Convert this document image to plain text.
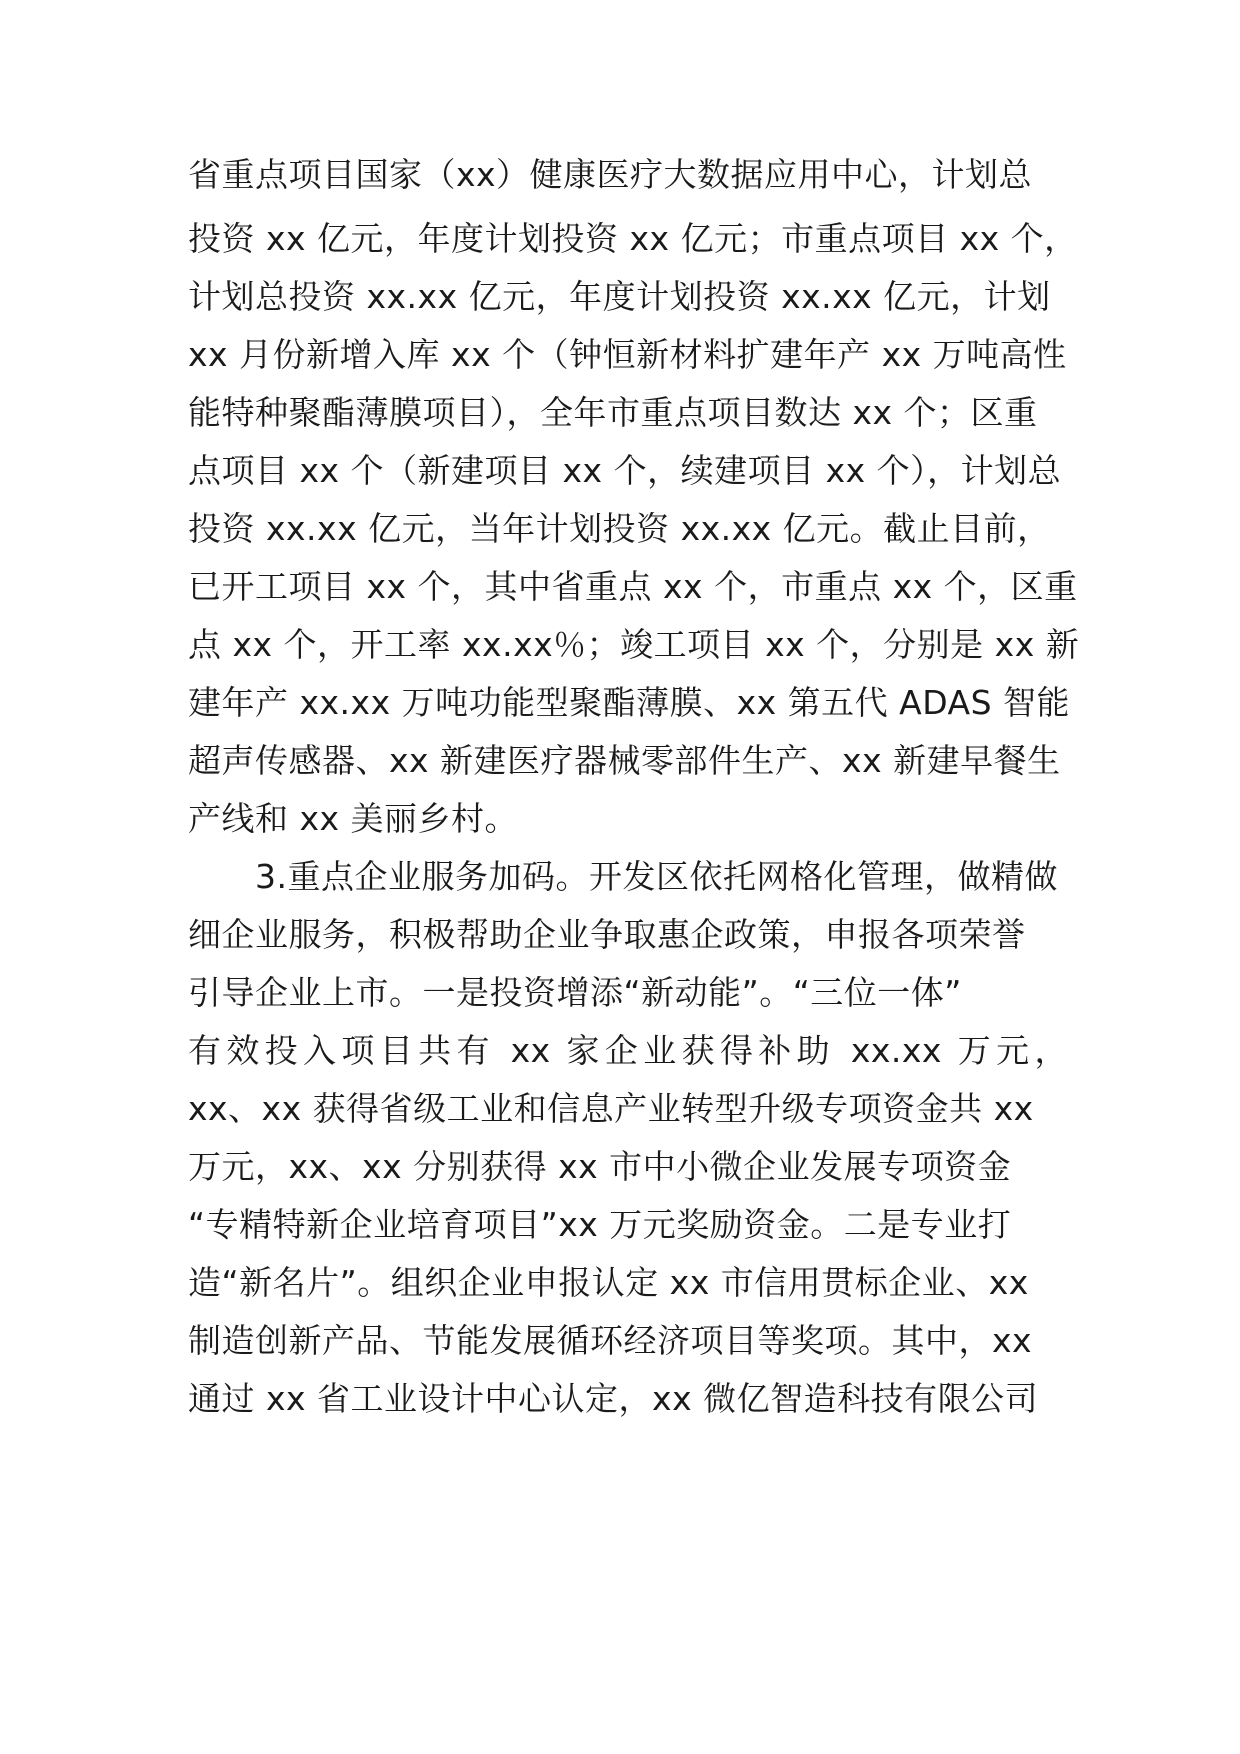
省重点项目国家（xx）健康医疗大数据应用中心，计划总

投资 xx 亿元，年度计划投资 xx 亿元；市重点项目 xx 个，

计划总投资 xx.xx 亿元，年度计划投资 xx.xx 亿元，计划

xx 月份新增入库 xx 个（钟恒新材料扩建年产 xx 万吨高性

能特种聚酯薄膜项目），全年市重点项目数达 xx 个；区重

点项目 xx 个（新建项目 xx 个，续建项目 xx 个），计划总

投资 xx.xx 亿元，当年计划投资 xx.xx 亿元。截止目前，

已开工项目 xx 个，其中省重点 xx 个，市重点 xx 个，区重

点 xx 个，开工率 xx.xx％；竣工项目 xx 个，分别是 xx 新

建年产 xx.xx 万吨功能型聚酯薄膜、xx 第五代 ADAS 智能

超声传感器、xx 新建医疗器械零部件生产、xx 新建早餐生

产线和 xx 美丽乡村。

3.重点企业服务加码。开发区依托网格化管理，做精做

细企业服务，积极帮助企业争取惠企政策，申报各项荣誉

引导企业上市。一是投资增添“新动能”。“三位一体”

有效投入项目共有 xx 家企业获得补助 xx.xx 万元，

xx、xx 获得省级工业和信息产业转型升级专项资金共 xx

万元，xx、xx 分别获得 xx 市中小微企业发展专项资金

“专精特新企业培育项目”xx 万元奖励资金。二是专业打

造“新名片”。组织企业申报认定 xx 市信用贯标企业、xx

制造创新产品、节能发展循环经济项目等奖项。其中，xx

通过 xx 省工业设计中心认定，xx 微亿智造科技有限公司
